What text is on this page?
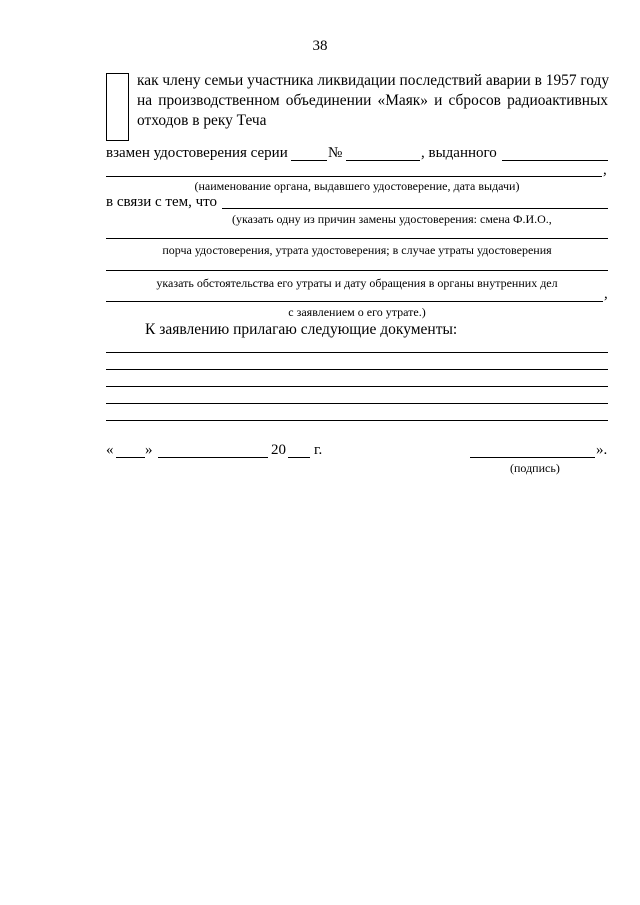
38
как члену семьи участника ликвидации последствий аварии в 1957 году
на производственном объединении «Маяк» и сбросов радиоактивных
отходов в реку Теча
взамен удостоверения серии	№	, выданного
,
(наименование органа, выдавшего удостоверение, дата выдачи)
в связи с тем, что
(указать одну из причин замены удостоверения: смена Ф.И.О.,
порча удостоверения, утрата удостоверения; в случае утраты удостоверения
указать обстоятельства его утраты и дату обращения в органы внутренних дел
,
с заявлением о его утрате.)
К заявлению прилагаю следующие документы:
« »	20 г.	».
(подпись)
